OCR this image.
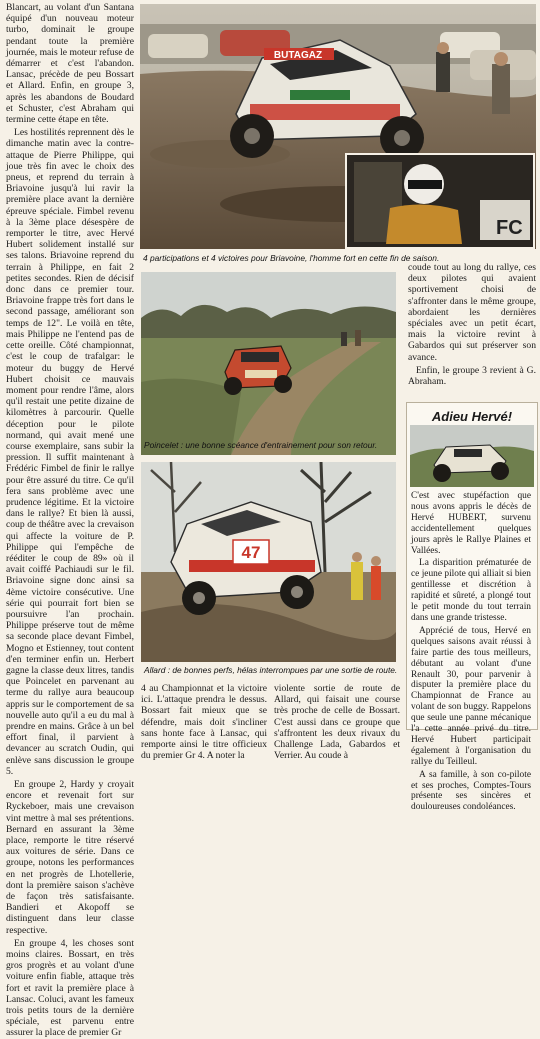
Blancart, au volant d'un Santana équipé d'un nouveau moteur turbo, dominait le groupe pendant toute la première journée, mais le moteur refuse de démarrer et c'est l'abandon. Lansac, précède de peu Bossart et Allard. Enfin, en groupe 3, après les abandons de Boudard et Schuster, c'est Abraham qui termine cette étape en tête.

Les hostilités reprennent dès le dimanche matin avec la contre-attaque de Pierre Philippe, qui joue très fin avec le choix des pneus, et reprend du terrain à Briavoine jusqu'à lui ravir la première place avant la dernière épreuve spéciale. Fimbel revenu à la 3ème place désespère de remporter le titre, avec Hervé Hubert solidement installé sur ses talons. Briavoine reprend du terrain à Philippe, en fait 2 petites secondes. Rien de décisif donc dans ce premier tour. Briavoine frappe très fort dans le second passage, améliorant son temps de 12". Le voilà en tête, mais Philippe ne l'entend pas de cette oreille. Côté championnat, c'est le coup de trafalgar: le moteur du buggy de Hervé Hubert choisit ce mauvais moment pour rendre l'âme, alors qu'il restait une petite dizaine de kilomètres à parcourir. Quelle déception pour le pilote normand, qui avait mené une course exemplaire, sans subir la pression. Il suffit maintenant à Frédéric Fimbel de finir le rallye pour être assuré du titre. Ce qu'il fera sans problème avec une prudence légitime. Et la victoire dans le rallye? Et bien là aussi, coup de théâtre avec la crevaison qui affecte la voiture de P. Philippe qui l'empêche de rééditer le coup de 89» où il avait coiffé Pachiaudi sur le fil. Briavoine signe donc ainsi sa 4ème victoire consécutive. Une série qui pourrait fort bien se poursuivre l'an prochain. Philippe préserve tout de même sa seconde place devant Fimbel, Mogno et Estienney, tout content d'en terminer enfin un. Herbert gagne la classe deux litres, tandis que Poincelet en parvenant au terme du rallye aura beaucoup appris sur le comportement de sa nouvelle auto qu'il a eu du mal à prendre en mains. Grâce à un bel effort final, il parvient à devancer au scratch Oudin, qui enlève sans discussion le groupe 5.

En groupe 2, Hardy y croyait encore et revenait fort sur Ryckeboer, mais une crevaison vint mettre à mal ses prétentions. Bernard en assurant la 3ème place, remporte le titre réservé aux voitures de série. Dans ce groupe, notons les performances en net progrès de Lhotellerie, dont la première saison s'achève de façon très satisfaisante. Bandieri et Akopoff se distinguent dans leur classe respective.

En groupe 4, les choses sont moins claires. Bossart, en très gros progrès et au volant d'une voiture enfin fiable, attaque très fort et ravit la première place à Lansac. Coluci, avant les fameux trois petits tours de la dernière spéciale, est parvenu entre assurer la place de premier Gr

BUTAGAZ
FC
4 participations et 4 victoires pour Briavoine, l'homme fort en cette fin de saison.
Poincelet : une bonne scéance d'entrainement pour son retour.

coude tout au long du rallye, ces deux pilotes qui avaient sportivement choisi de s'affronter dans le même groupe, abordaient les dernières spéciales avec un petit écart, mais la victoire revint à Gabardos qui sut préserver son avance.

Enfin, le groupe 3 revient à G. Abraham.

Adieu Hervé!

C'est avec stupéfaction que nous avons appris le décès de Hervé HUBERT, survenu accidentellement quelques jours après le Rallye Plaines et Vallées.

La disparition prématurée de ce jeune pilote qui alliait si bien gentillesse et discrétion à rapidité et sûreté, a plongé tout le petit monde du tout terrain dans une grande tristesse.

Apprécié de tous, Hervé en quelques saisons avait réussi à faire partie des tous meilleurs, débutant au volant d'une Renault 30, pour parvenir à disputer la première place du Championnat de France au volant de son buggy. Rappelons que seule une panne mécanique l'a cette année privé du titre. Hervé Hubert participait également à l'organisation du rallye du Teilleul.

A sa famille, à son co-pilote et ses proches, Comptes-Tours présente ses sincères et douloureuses condoléances.

47
Allard : de bonnes perfs, hélas interrompues par une sortie de route.

4 au Championnat et la victoire ici. L'attaque prendra le dessus. Bossart fait mieux que se défendre, mais doit s'incliner sans honte face à Lansac, qui remporte ainsi le titre officieux du premier Gr 4. A noter la

violente sortie de route de Allard, qui faisait une course très proche de celle de Bossart. C'est aussi dans ce groupe que s'affrontent les deux rivaux du Challenge Lada, Gabardos et Verrier. Au coude à
